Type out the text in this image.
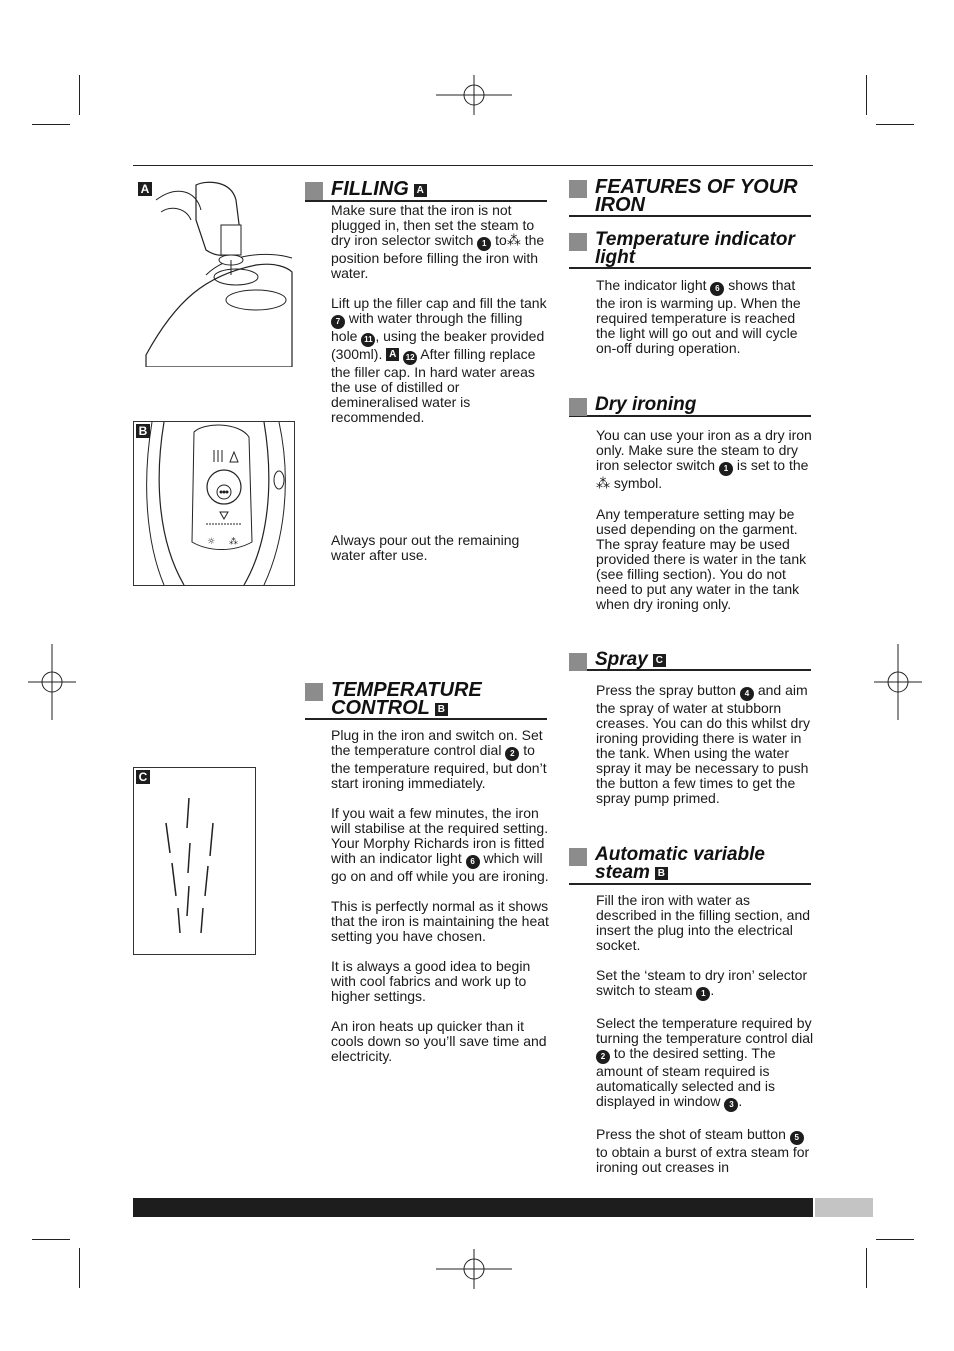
A
☼ ⁂
B
C
FILLING A

Make sure that the iron is not plugged in, then set the steam to dry iron selector switch 1 to⁂ the position before filling the iron with water.

Lift up the filler cap and fill the tank 7 with water through the filling hole 11 , using the beaker provided (300ml). A 12 After filling replace the filler cap. In hard water areas the use of distilled or demineralised water is recommended.

Always pour out the remaining water after use.

TEMPERATURE
CONTROL B

Plug in the iron and switch on. Set the temperature control dial 2 to the temperature required, but don’t start ironing immediately.

If you wait a few minutes, the iron will stabilise at the required setting. Your Morphy Richards iron is fitted with an indicator light 6 which will go on and off while you are ironing.

This is perfectly normal as it shows that the iron is maintaining the heat setting you have chosen.

It is always a good idea to begin with cool fabrics and work up to higher settings.

An iron heats up quicker than it cools down so you’ll save time and electricity.

FEATURES OF YOUR
IRON
Temperature indicator
light

The indicator light 6 shows that the iron is warming up. When the required temperature is reached the light will go out and will cycle on-off during operation.

Dry ironing

You can use your iron as a dry iron only. Make sure the steam to dry iron selector switch 1 is set to the ⁂ symbol.

Any temperature setting may be used depending on the garment. The spray feature may be used provided there is water in the tank (see filling section). You do not need to put any water in the tank when dry ironing only.

Spray C

Press the spray button 4 and aim the spray of water at stubborn creases. You can do this whilst dry ironing providing there is water in the tank. When using the water spray it may be necessary to push the button a few times to get the spray pump primed.

Automatic variable
steam B

Fill the iron with water as described in the filling section, and insert the plug into the electrical socket.

Set the ‘steam to dry iron’ selector switch to steam 1 .

Select the temperature required by turning the temperature control dial 2 to the desired setting. The amount of steam required is automatically selected and is displayed in window 3 .

Press the shot of steam button 5 to obtain a burst of extra steam for ironing out creases in
